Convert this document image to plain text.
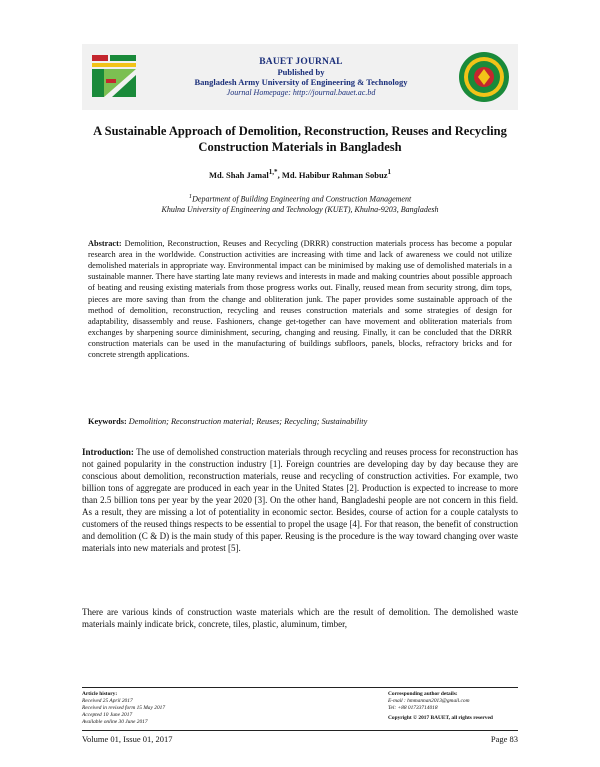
BAUET JOURNAL
Published by
Bangladesh Army University of Engineering & Technology
Journal Homepage: http://journal.bauet.ac.bd
A Sustainable Approach of Demolition, Reconstruction, Reuses and Recycling
Construction Materials in Bangladesh
Md. Shah Jamal$^{1,*}$, Md. Habibur Rahman Sobuz$^1$
$^1$Department of Building Engineering and Construction Management
Khulna University of Engineering and Technology (KUET), Khulna-9203, Bangladesh
Abstract: Demolition, Reconstruction, Reuses and Recycling (DRRR) construction materials process has become a popular research area in the worldwide. Construction activities are increasing with time and lack of awareness we could not utilize demolished materials in appropriate way. Environmental impact can be minimised by making use of demolished materials in a sustainable manner. There have starting late many reviews and interests in made and making countries about possible approach of beating and reusing existing materials from those progress works out. Finally, reused mean from security strong, dim tops, pieces are more saving than from the change and obliteration junk. The paper provides some sustainable approach of the method of demolition, reconstruction, recycling and reuses construction materials and some strategies of design for adaptability, disassembly and reuse. Fashioners, change get-together can have movement and obliteration materials from exchanges by sharpening source diminishment, securing, changing and reusing. Finally, it can be concluded that the DRRR construction materials can be used in the manufacturing of buildings subfloors, panels, blocks, refractory bricks and for concrete strength applications.
Keywords: Demolition; Reconstruction material; Reuses; Recycling; Sustainability
Introduction: The use of demolished construction materials through recycling and reuses process for reconstruction has not gained popularity in the construction industry [1]. Foreign countries are developing day by day because they are conscious about demolition, reconstruction materials, reuse and recycling of construction activities. For example, two billion tons of aggregate are produced in each year in the United States [2]. Production is expected to increase to more than 2.5 billion tons per year by the year 2020 [3]. On the other hand, Bangladeshi people are not concern in this field. As a result, they are missing a lot of potentiality in economic sector. Besides, course of action for a couple catalysts to customers of the reused things respects to be essential to propel the usage [4]. For that reason, the benefit of construction and demolition (C & D) is the main study of this paper. Reusing is the procedure is the way toward changing over waste materials into new materials and protest [5].
There are various kinds of construction waste materials which are the result of demolition. The demolished waste materials mainly indicate brick, concrete, tiles, plastic, aluminum, timber,
Article history:
Received 25 April 2017
Received in revised form 15 May 2017
Accepted 10 June 2017
Available online 30 June 2017
Corresponding author details:
E-mail : hmmannan2013@gmail.com
Tel: +88 01733714018
Copyright © 2017 BAUET, all rights reserved
Volume 01, Issue 01, 2017	Page 83
